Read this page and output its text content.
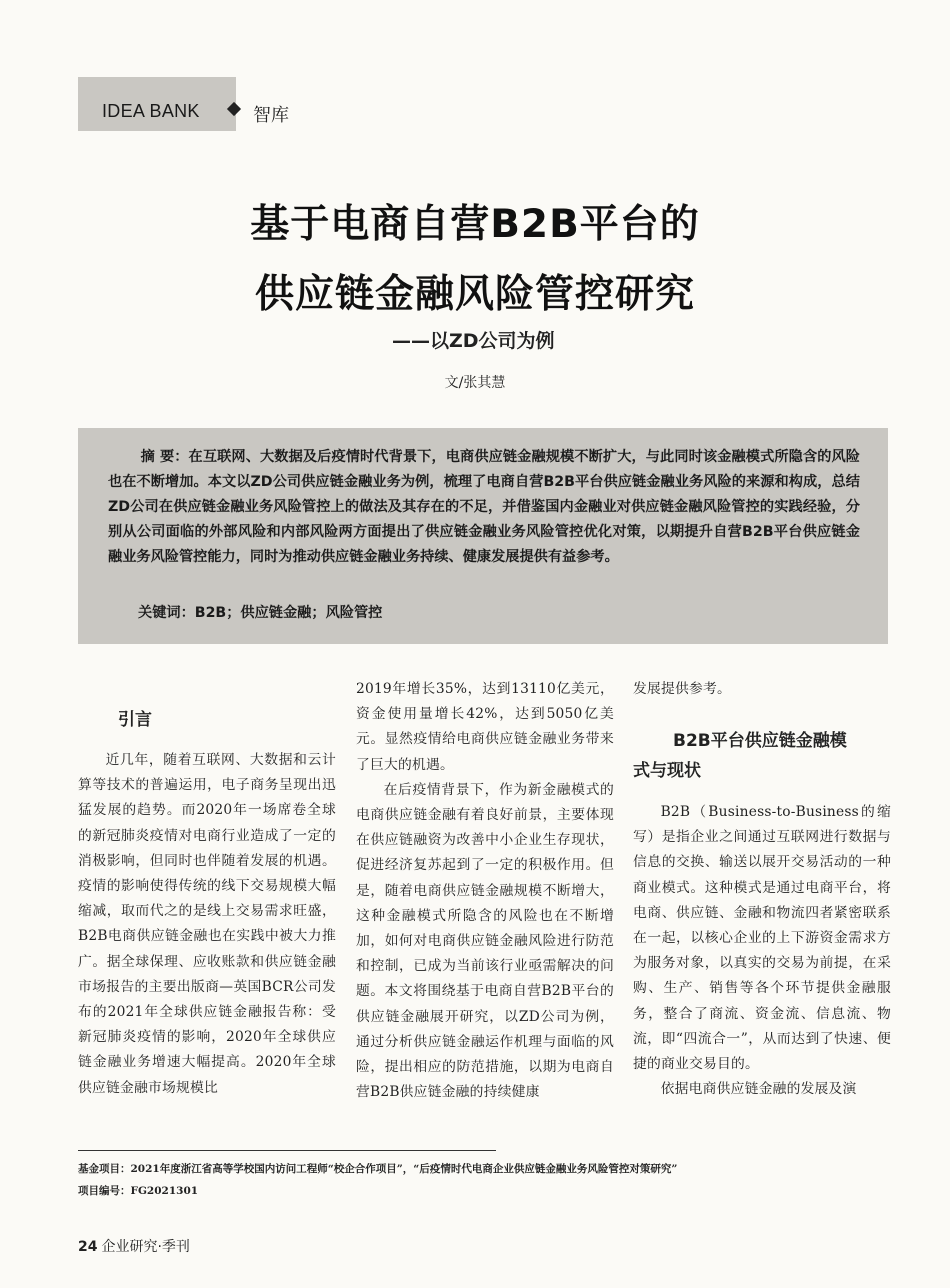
IDEA BANK	智库
基于电商自营B2B平台的
供应链金融风险管控研究
——以ZD公司为例
文/张其慧
摘 要：在互联网、大数据及后疫情时代背景下，电商供应链金融规模不断扩大，与此同时该金融模式所隐含的风险也在不断增加。本文以ZD公司供应链金融业务为例，梳理了电商自营B2B平台供应链金融业务风险的来源和构成，总结ZD公司在供应链金融业务风险管控上的做法及其存在的不足，并借鉴国内金融业对供应链金融风险管控的实践经验，分别从公司面临的外部风险和内部风险两方面提出了供应链金融业务风险管控优化对策，以期提升自营B2B平台供应链金融业务风险管控能力，同时为推动供应链金融业务持续、健康发展提供有益参考。
关键词：B2B；供应链金融；风险管控
引言

近几年，随着互联网、大数据和云计算等技术的普遍运用，电子商务呈现出迅猛发展的趋势。而2020年一场席卷全球的新冠肺炎疫情对电商行业造成了一定的消极影响，但同时也伴随着发展的机遇。疫情的影响使得传统的线下交易规模大幅缩减，取而代之的是线上交易需求旺盛，B2B电商供应链金融也在实践中被大力推广。据全球保理、应收账款和供应链金融市场报告的主要出版商—英国BCR公司发布的2021年全球供应链金融报告称：受新冠肺炎疫情的影响，2020年全球供应链金融业务增速大幅提高。2020年全球供应链金融市场规模比

2019年增长35%，达到13110亿美元，资金使用量增长42%，达到5050亿美元。显然疫情给电商供应链金融业务带来了巨大的机遇。

在后疫情背景下，作为新金融模式的电商供应链金融有着良好前景，主要体现在供应链融资为改善中小企业生存现状，促进经济复苏起到了一定的积极作用。但是，随着电商供应链金融规模不断增大，这种金融模式所隐含的风险也在不断增加，如何对电商供应链金融风险进行防范和控制，已成为当前该行业亟需解决的问题。本文将围绕基于电商自营B2B平台的供应链金融展开研究，以ZD公司为例，通过分析供应链金融运作机理与面临的风险，提出相应的防范措施，以期为电商自营B2B供应链金融的持续健康

发展提供参考。

B2B平台供应链金融模
式与现状

B2B（Business-to-Business的缩写）是指企业之间通过互联网进行数据与信息的交换、输送以展开交易活动的一种商业模式。这种模式是通过电商平台，将电商、供应链、金融和物流四者紧密联系在一起，以核心企业的上下游资金需求方为服务对象，以真实的交易为前提，在采购、生产、销售等各个环节提供金融服务，整合了商流、资金流、信息流、物流，即“四流合一”，从而达到了快速、便捷的商业交易目的。

依据电商供应链金融的发展及演

基金项目：2021年度浙江省高等学校国内访问工程师“校企合作项目”，“后疫情时代电商企业供应链金融业务风险管控对策研究”
项目编号：FG2021301
24 企业研究·季刊
